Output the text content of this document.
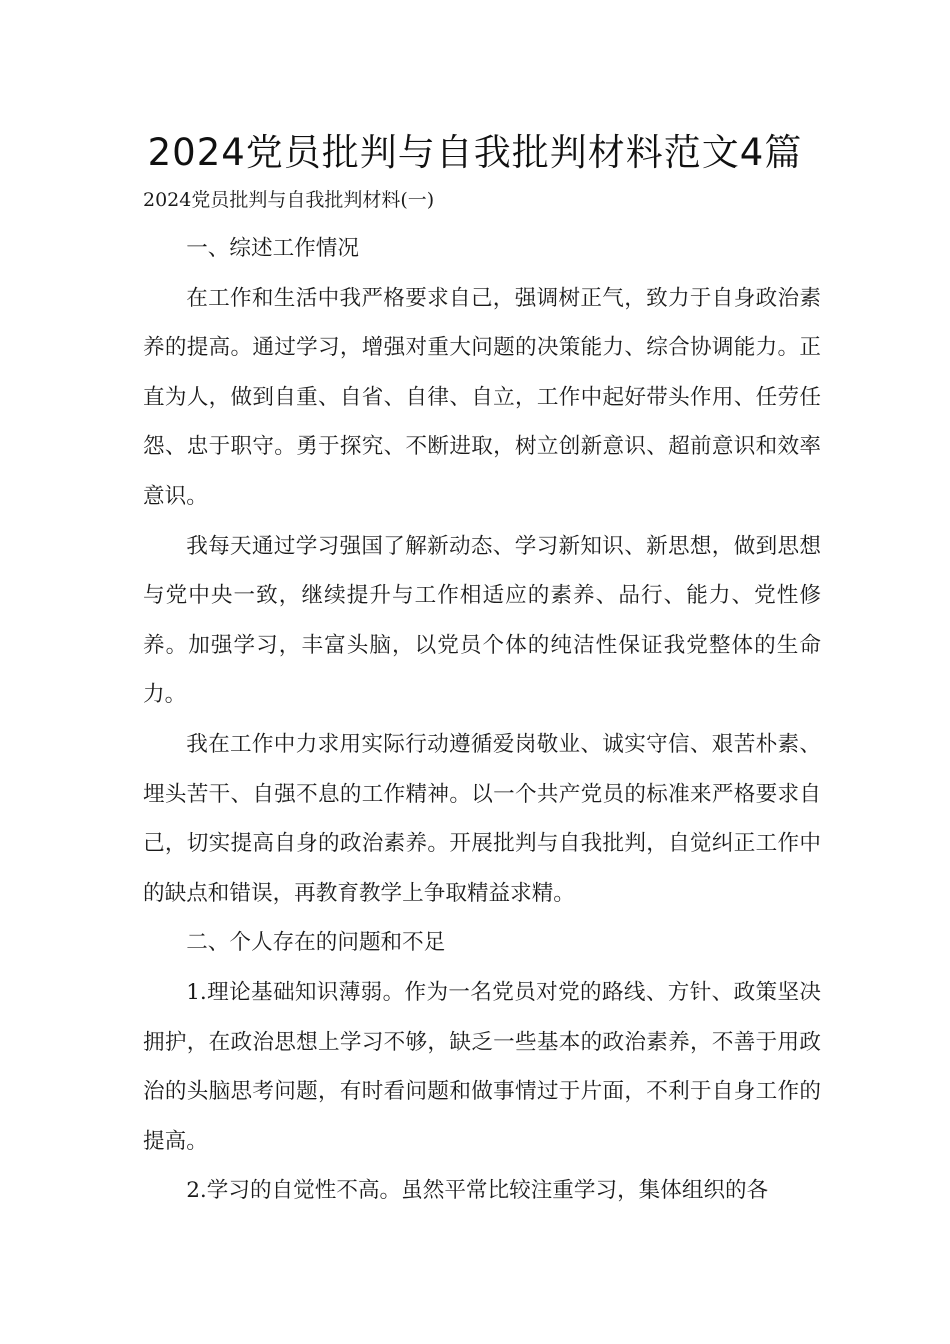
2024党员批判与自我批判材料范文4篇

2024党员批判与自我批判材料(一)

一、综述工作情况

在工作和生活中我严格要求自己，强调树正气，致力于自身政治素养的提高。通过学习，增强对重大问题的决策能力、综合协调能力。正直为人，做到自重、自省、自律、自立，工作中起好带头作用、任劳任怨、忠于职守。勇于探究、不断进取，树立创新意识、超前意识和效率意识。

我每天通过学习强国了解新动态、学习新知识、新思想，做到思想与党中央一致，继续提升与工作相适应的素养、品行、能力、党性修养。加强学习，丰富头脑，以党员个体的纯洁性保证我党整体的生命力。

我在工作中力求用实际行动遵循爱岗敬业、诚实守信、艰苦朴素、埋头苦干、自强不息的工作精神。以一个共产党员的标准来严格要求自己，切实提高自身的政治素养。开展批判与自我批判，自觉纠正工作中的缺点和错误，再教育教学上争取精益求精。

二、个人存在的问题和不足

1.理论基础知识薄弱。作为一名党员对党的路线、方针、政策坚决拥护，在政治思想上学习不够，缺乏一些基本的政治素养，不善于用政治的头脑思考问题，有时看问题和做事情过于片面，不利于自身工作的提高。

2.学习的自觉性不高。虽然平常比较注重学习，集体组织的各
